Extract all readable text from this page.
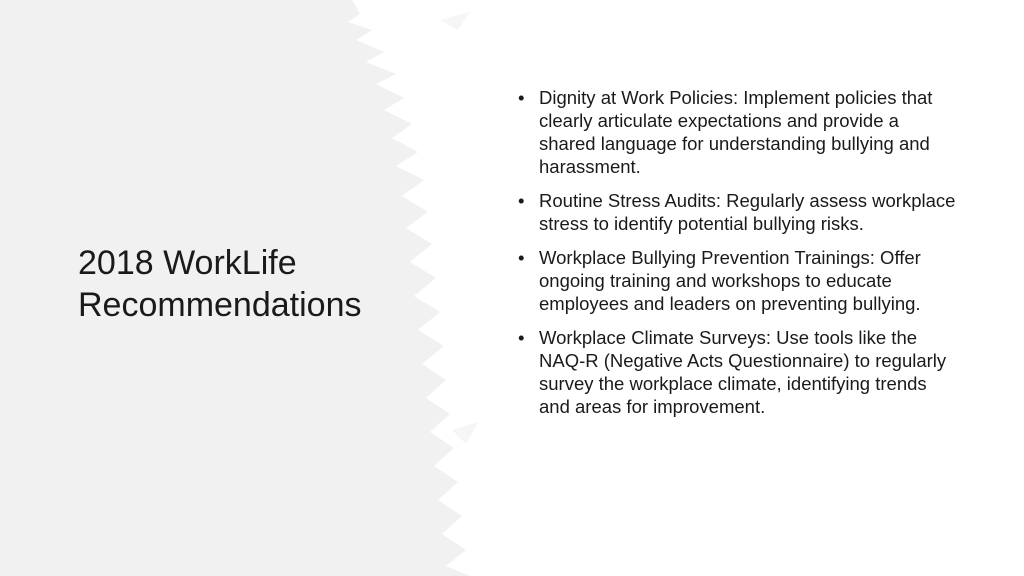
2018 WorkLife
Recommendations
• Dignity at Work Policies: Implement policies that clearly articulate expectations and provide a shared language for understanding bullying and harassment.
• Routine Stress Audits: Regularly assess workplace stress to identify potential bullying risks.
• Workplace Bullying Prevention Trainings: Offer ongoing training and workshops to educate employees and leaders on preventing bullying.
• Workplace Climate Surveys: Use tools like the NAQ-R (Negative Acts Questionnaire) to regularly survey the workplace climate, identifying trends and areas for improvement.
